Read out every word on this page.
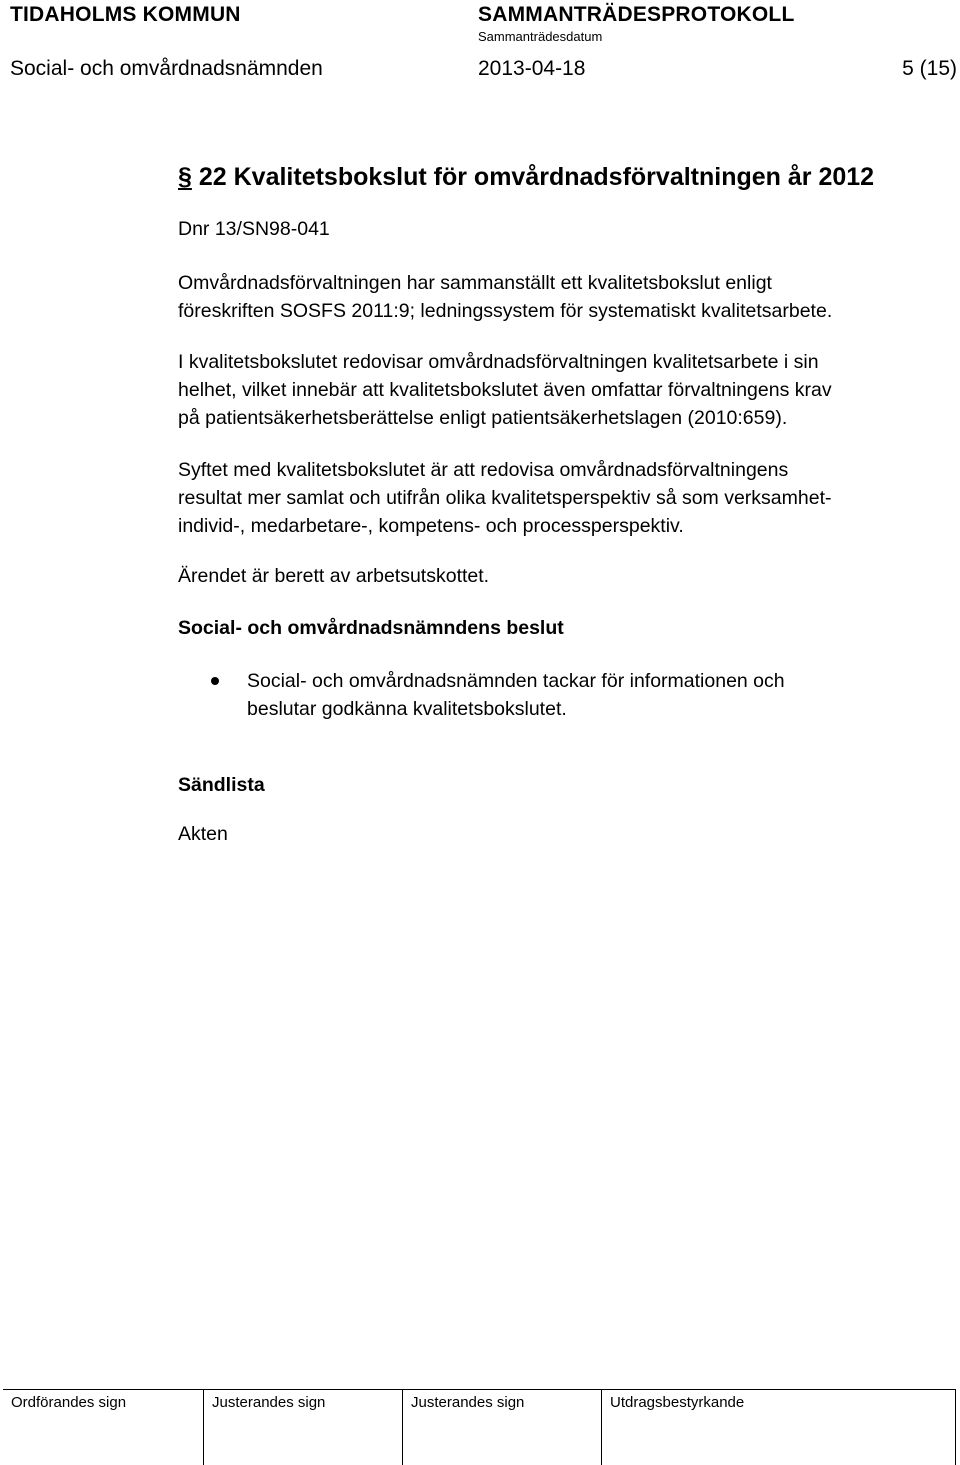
TIDAHOLMS KOMMUN	SAMMANTRÄDESPROTOKOLL
Sammanträdesdatum
Social- och omvårdnadsnämnden	2013-04-18	5 (15)
§ 22 Kvalitetsbokslut för omvårdnadsförvaltningen år 2012
Dnr 13/SN98-041

Omvårdnadsförvaltningen har sammanställt ett kvalitetsbokslut enligt
föreskriften SOSFS 2011:9; ledningssystem för systematiskt kvalitetsarbete.

I kvalitetsbokslutet redovisar omvårdnadsförvaltningen kvalitetsarbete i sin
helhet, vilket innebär att kvalitetsbokslutet även omfattar förvaltningens krav
på patientsäkerhetsberättelse enligt patientsäkerhetslagen (2010:659).

Syftet med kvalitetsbokslutet är att redovisa omvårdnadsförvaltningens
resultat mer samlat och utifrån olika kvalitetsperspektiv så som verksamhet-
individ-, medarbetare-, kompetens- och processperspektiv.

Ärendet är berett av arbetsutskottet.

Social- och omvårdnadsnämndens beslut
Social- och omvårdnadsnämnden tackar för informationen och
beslutar godkänna kvalitetsbokslutet.
Sändlista
Akten
Ordförandes sign	Justerandes sign	Justerandes sign	Utdragsbestyrkande
